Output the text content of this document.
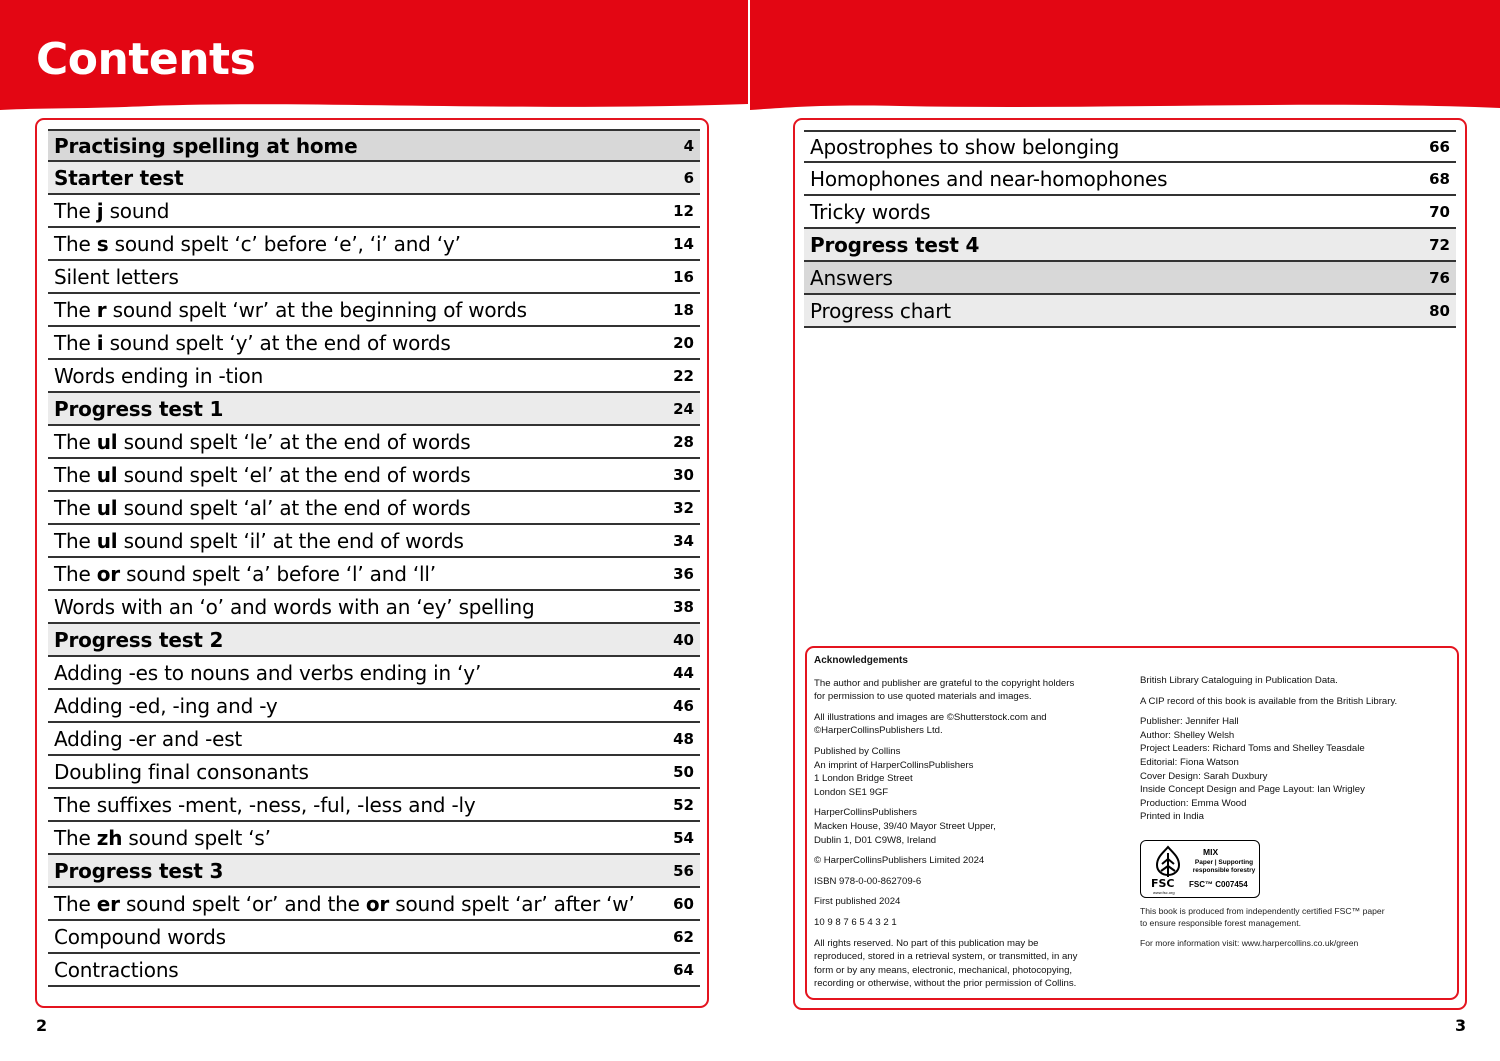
Contents
Practising spelling at home	4
Starter test	6
The j sound	12
The s sound spelt ‘c’ before ‘e’, ‘i’ and ‘y’	14
Silent letters	16
The r sound spelt ‘wr’ at the beginning of words	18
The i sound spelt ‘y’ at the end of words	20
Words ending in -tion	22
Progress test 1	24
The ul sound spelt ‘le’ at the end of words	28
The ul sound spelt ‘el’ at the end of words	30
The ul sound spelt ‘al’ at the end of words	32
The ul sound spelt ‘il’ at the end of words	34
The or sound spelt ‘a’ before ‘l’ and ‘ll’	36
Words with an ‘o’ and words with an ‘ey’ spelling	38
Progress test 2	40
Adding -es to nouns and verbs ending in ‘y’	44
Adding -ed, -ing and -y	46
Adding -er and -est	48
Doubling final consonants	50
The suffixes -ment, -ness, -ful, -less and -ly	52
The zh sound spelt ‘s’	54
Progress test 3	56
The er sound spelt ‘or’ and the or sound spelt ‘ar’ after ‘w’	60
Compound words	62
Contractions	64
Apostrophes to show belonging	66
Homophones and near-homophones	68
Tricky words	70
Progress test 4	72
Answers	76
Progress chart	80
Acknowledgements
The author and publisher are grateful to the copyright holders
for permission to use quoted materials and images.
All illustrations and images are ©Shutterstock.com and
©HarperCollinsPublishers Ltd.
Published by Collins
An imprint of HarperCollinsPublishers
1 London Bridge Street
London SE1 9GF
HarperCollinsPublishers
Macken House, 39/40 Mayor Street Upper,
Dublin 1, D01 C9W8, Ireland
© HarperCollinsPublishers Limited 2024
ISBN 978-0-00-862709-6
First published 2024
10 9 8 7 6 5 4 3 2 1
All rights reserved. No part of this publication may be
reproduced, stored in a retrieval system, or transmitted, in any
form or by any means, electronic, mechanical, photocopying,
recording or otherwise, without the prior permission of Collins.
British Library Cataloguing in Publication Data.
A CIP record of this book is available from the British Library.
Publisher: Jennifer Hall
Author: Shelley Welsh
Project Leaders: Richard Toms and Shelley Teasdale
Editorial: Fiona Watson
Cover Design: Sarah Duxbury
Inside Concept Design and Page Layout: Ian Wrigley
Production: Emma Wood
Printed in India
MIX
Paper | Supporting responsible forestry
FSC FSC™ C007454
www.fsc.org
This book is produced from independently certified FSC™ paper
to ensure responsible forest management.
For more information visit: www.harpercollins.co.uk/green
2	3
